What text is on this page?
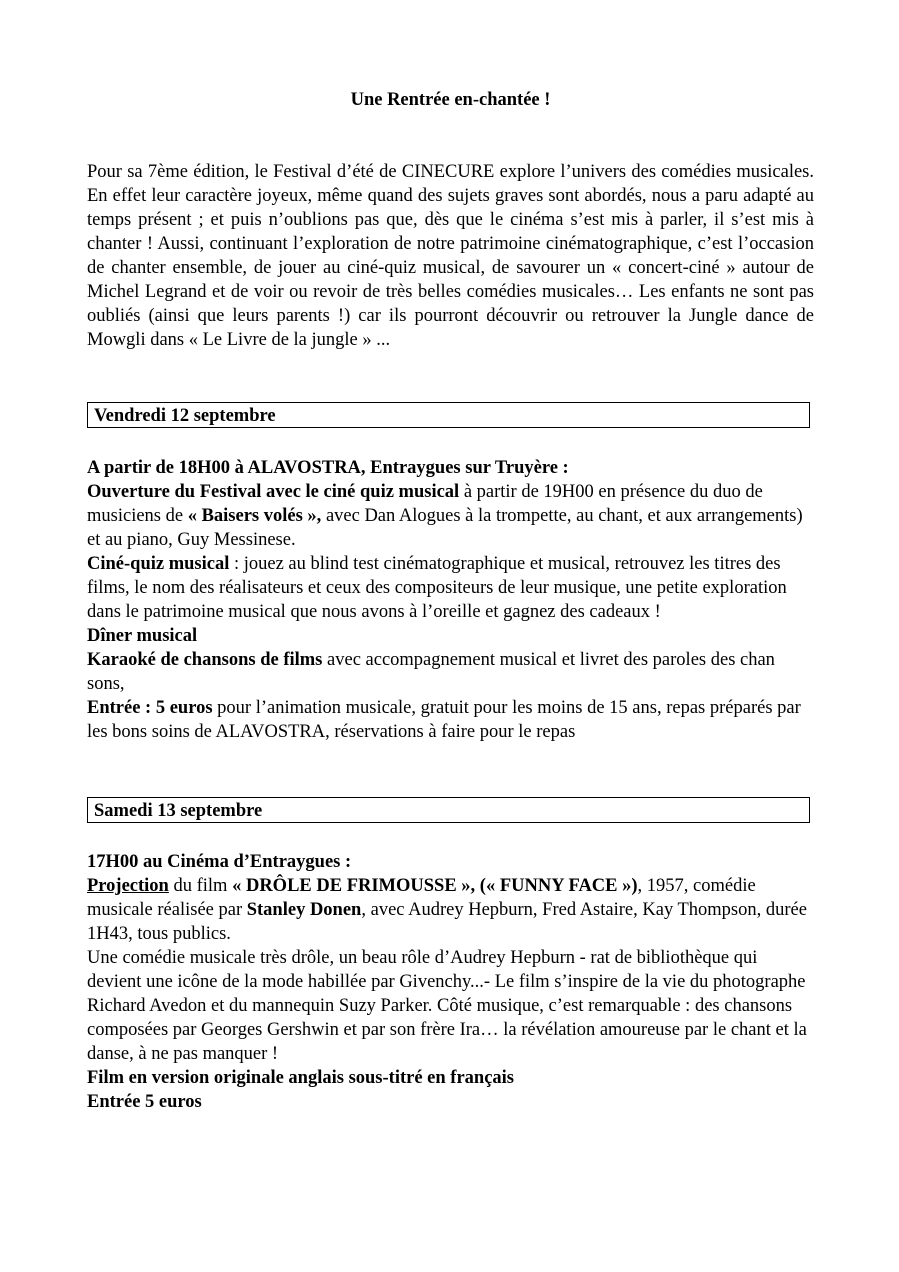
Une Rentrée en-chantée !

Pour sa 7ème édition, le Festival d’été de CINECURE explore l’univers des comédies musicales. En effet leur caractère joyeux, même quand des sujets graves sont abordés, nous a paru adapté au temps présent ; et puis n’oublions pas que, dès que le cinéma s’est mis à parler, il s’est mis à chanter ! Aussi, continuant l’exploration de notre patrimoine cinématographique, c’est l’occasion de chanter ensemble, de jouer au ciné-quiz musical, de savourer un « concert-ciné » autour de Michel Legrand et de voir ou revoir de très belles comédies musicales… Les enfants ne sont pas oubliés (ainsi que leurs parents !) car ils pourront découvrir ou retrouver la Jungle dance de Mowgli dans « Le Livre de la jungle » ...

Vendredi 12 septembre

A partir de 18H00 à ALAVOSTRA, Entraygues sur Truyère :

Ouverture du Festival avec le ciné quiz musical à partir de 19H00 en présence du duo de musiciens de « Baisers volés », avec Dan Alogues à la trompette, au chant, et aux arrangements) et au piano, Guy Messinese.

Ciné-quiz musical : jouez au blind test cinématographique et musical, retrouvez les titres des films, le nom des réalisateurs et ceux des compositeurs de leur musique, une petite exploration dans le patrimoine musical que nous avons à l’oreille et gagnez des cadeaux !

Dîner musical

Karaoké de chansons de films avec accompagnement musical et livret des paroles des chan sons,

Entrée : 5 euros pour l’animation musicale, gratuit pour les moins de 15 ans, repas préparés par les bons soins de ALAVOSTRA, réservations à faire pour le repas

Samedi 13 septembre

17H00 au Cinéma d’Entraygues :

Projection du film « DRÔLE DE FRIMOUSSE », (« FUNNY FACE »), 1957, comédie musicale réalisée par Stanley Donen, avec Audrey Hepburn, Fred Astaire, Kay Thompson, durée 1H43, tous publics.

Une comédie musicale très drôle, un beau rôle d’Audrey Hepburn - rat de bibliothèque qui devient une icône de la mode habillée par Givenchy...- Le film s’inspire de la vie du photographe Richard Avedon et du mannequin Suzy Parker. Côté musique, c’est remarquable : des chansons composées par Georges Gershwin et par son frère Ira… la révélation amoureuse par le chant et la danse, à ne pas manquer !

Film en version originale anglais sous-titré en français

Entrée 5 euros
